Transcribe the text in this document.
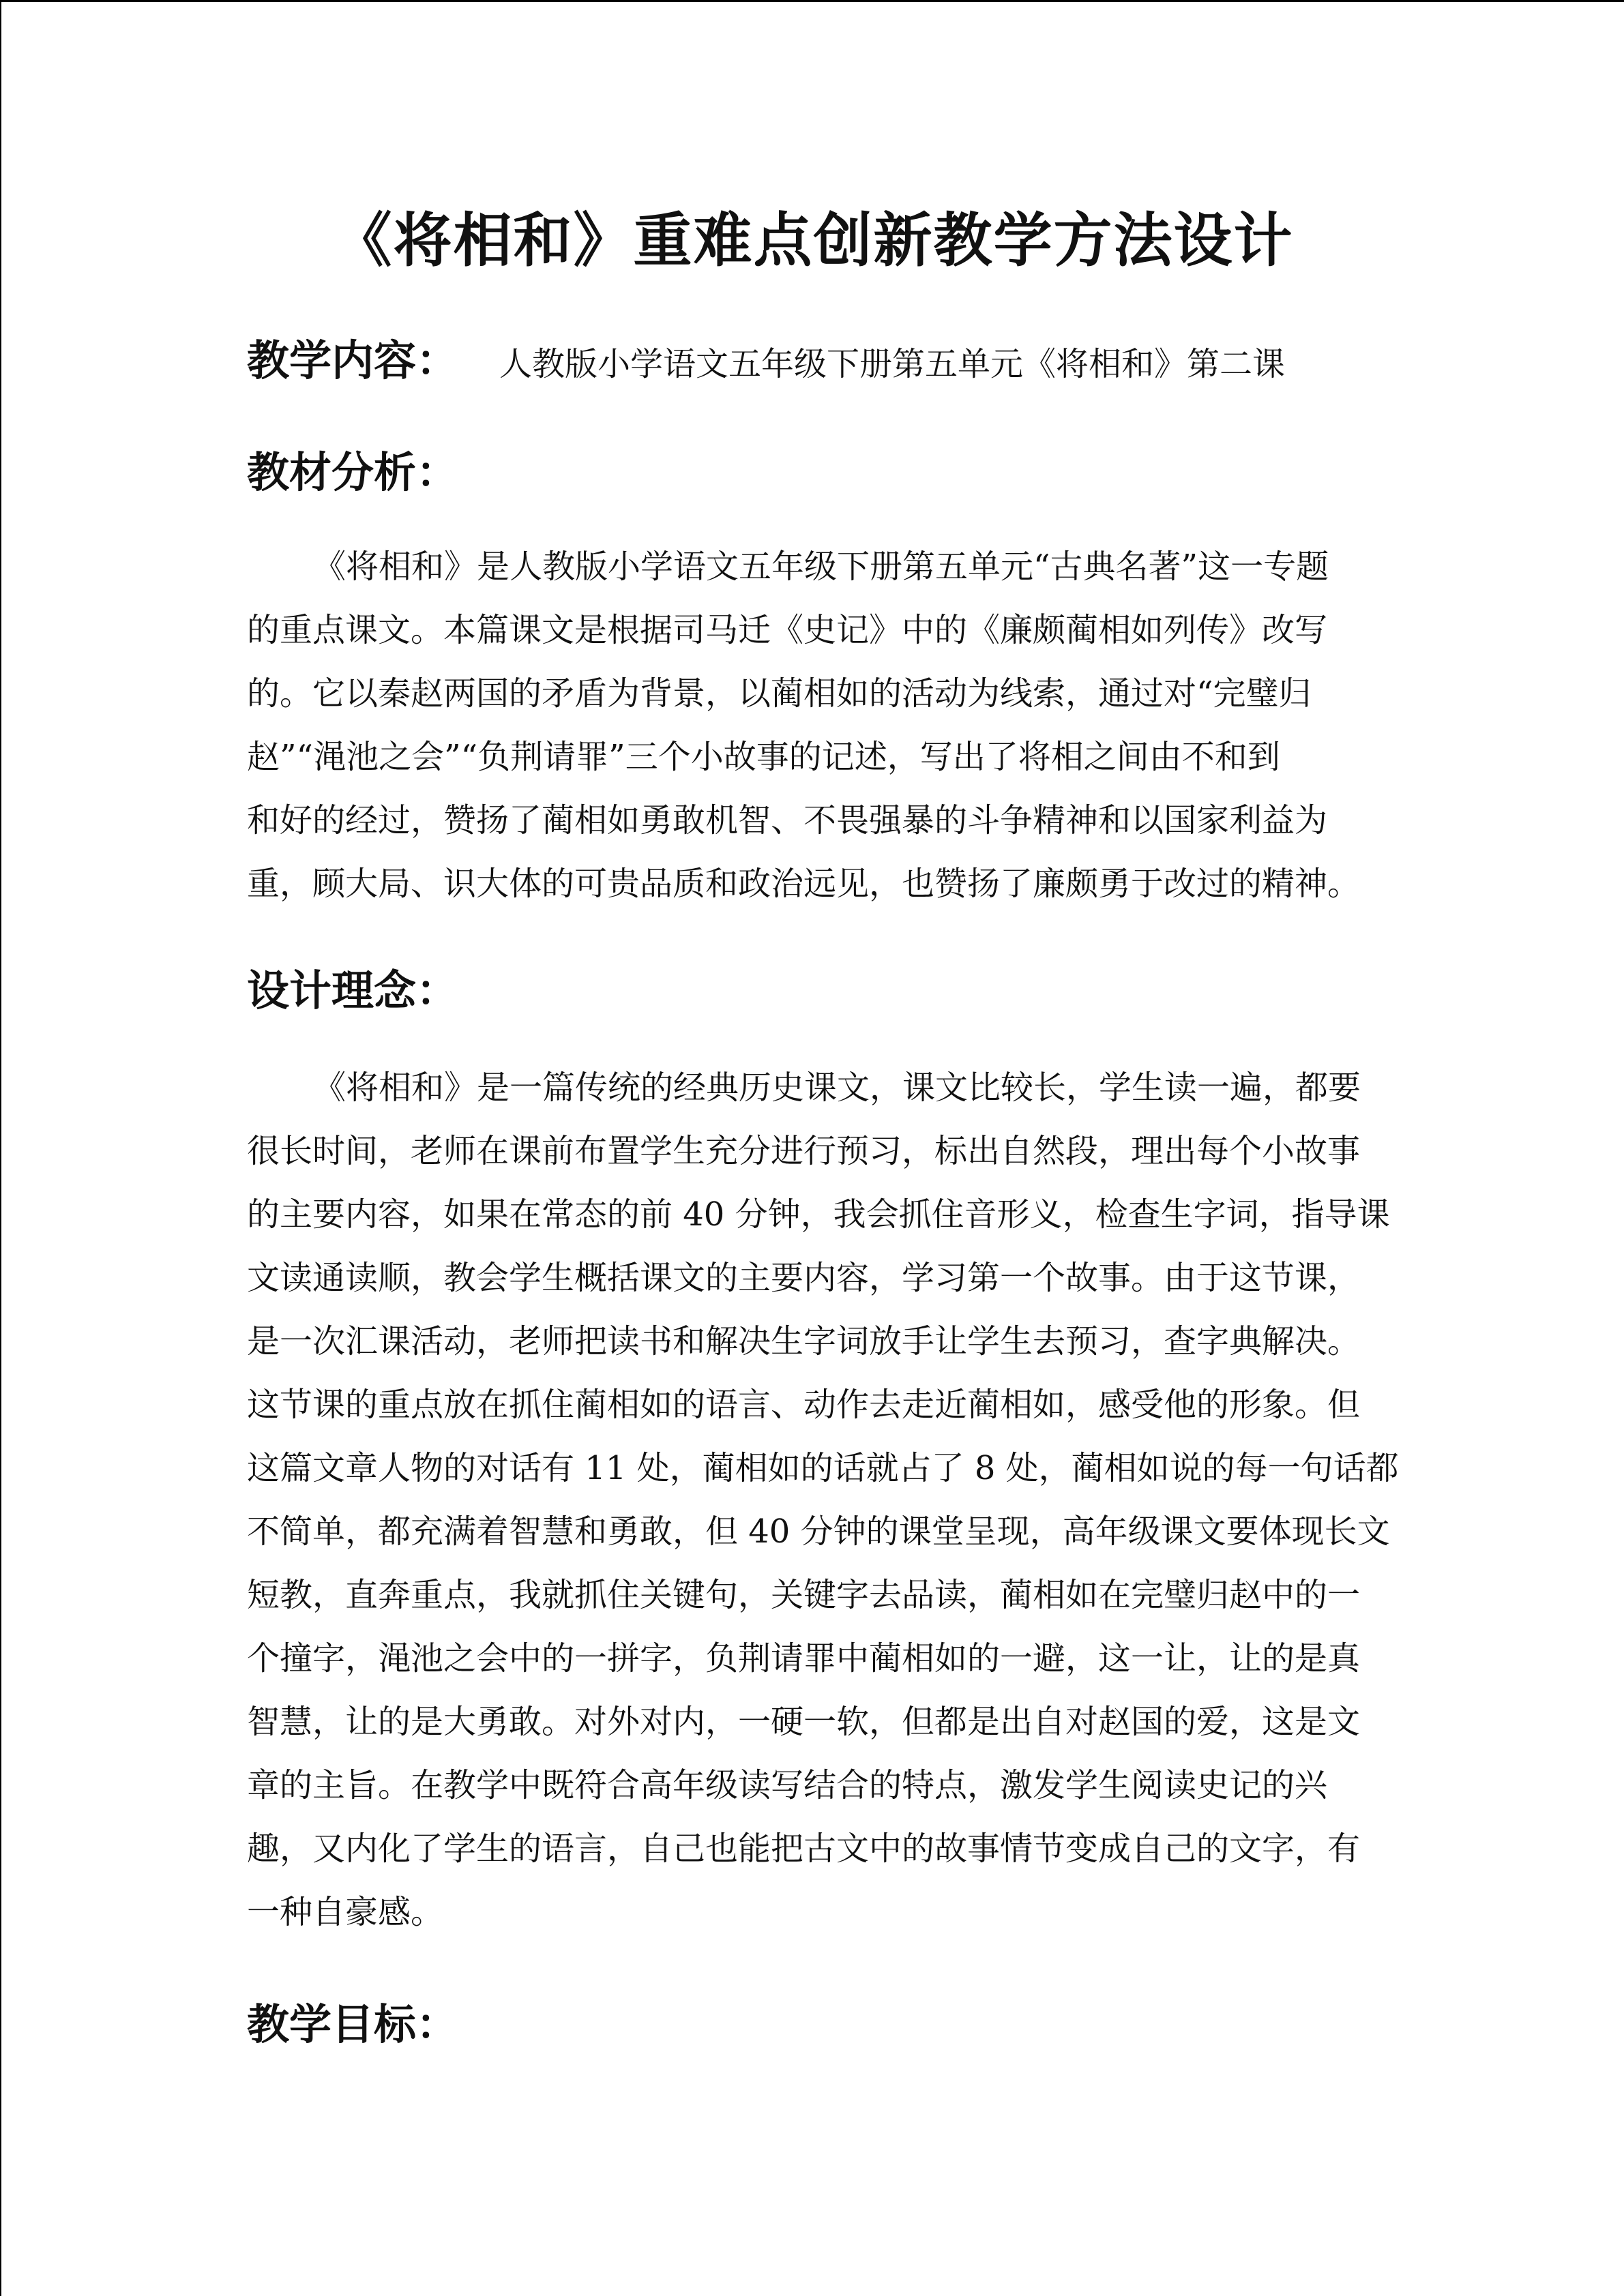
《将相和》重难点创新教学方法设计
教学内容： 人教版小学语文五年级下册第五单元《将相和》第二课
教材分析：
《将相和》是人教版小学语文五年级下册第五单元“古典名著”这一专题
的重点课文。本篇课文是根据司马迁《史记》中的《廉颇蔺相如列传》改写
的。它以秦赵两国的矛盾为背景，以蔺相如的活动为线索，通过对“完璧归
赵”“渑池之会”“负荆请罪”三个小故事的记述，写出了将相之间由不和到
和好的经过，赞扬了蔺相如勇敢机智、不畏强暴的斗争精神和以国家利益为
重，顾大局、识大体的可贵品质和政治远见，也赞扬了廉颇勇于改过的精神。
设计理念：
《将相和》是一篇传统的经典历史课文，课文比较长，学生读一遍，都要
很长时间，老师在课前布置学生充分进行预习，标出自然段，理出每个小故事
的主要内容，如果在常态的前 40 分钟，我会抓住音形义，检查生字词，指导课
文读通读顺，教会学生概括课文的主要内容，学习第一个故事。由于这节课，
是一次汇课活动，老师把读书和解决生字词放手让学生去预习，查字典解决。
这节课的重点放在抓住蔺相如的语言、动作去走近蔺相如，感受他的形象。但
这篇文章人物的对话有 11 处，蔺相如的话就占了 8 处，蔺相如说的每一句话都
不简单，都充满着智慧和勇敢，但 40 分钟的课堂呈现，高年级课文要体现长文
短教，直奔重点，我就抓住关键句，关键字去品读，蔺相如在完璧归赵中的一
个撞字，渑池之会中的一拼字，负荆请罪中蔺相如的一避，这一让，让的是真
智慧，让的是大勇敢。对外对内，一硬一软，但都是出自对赵国的爱，这是文
章的主旨。在教学中既符合高年级读写结合的特点，激发学生阅读史记的兴
趣，又内化了学生的语言，自己也能把古文中的故事情节变成自己的文字，有
一种自豪感。
教学目标：
